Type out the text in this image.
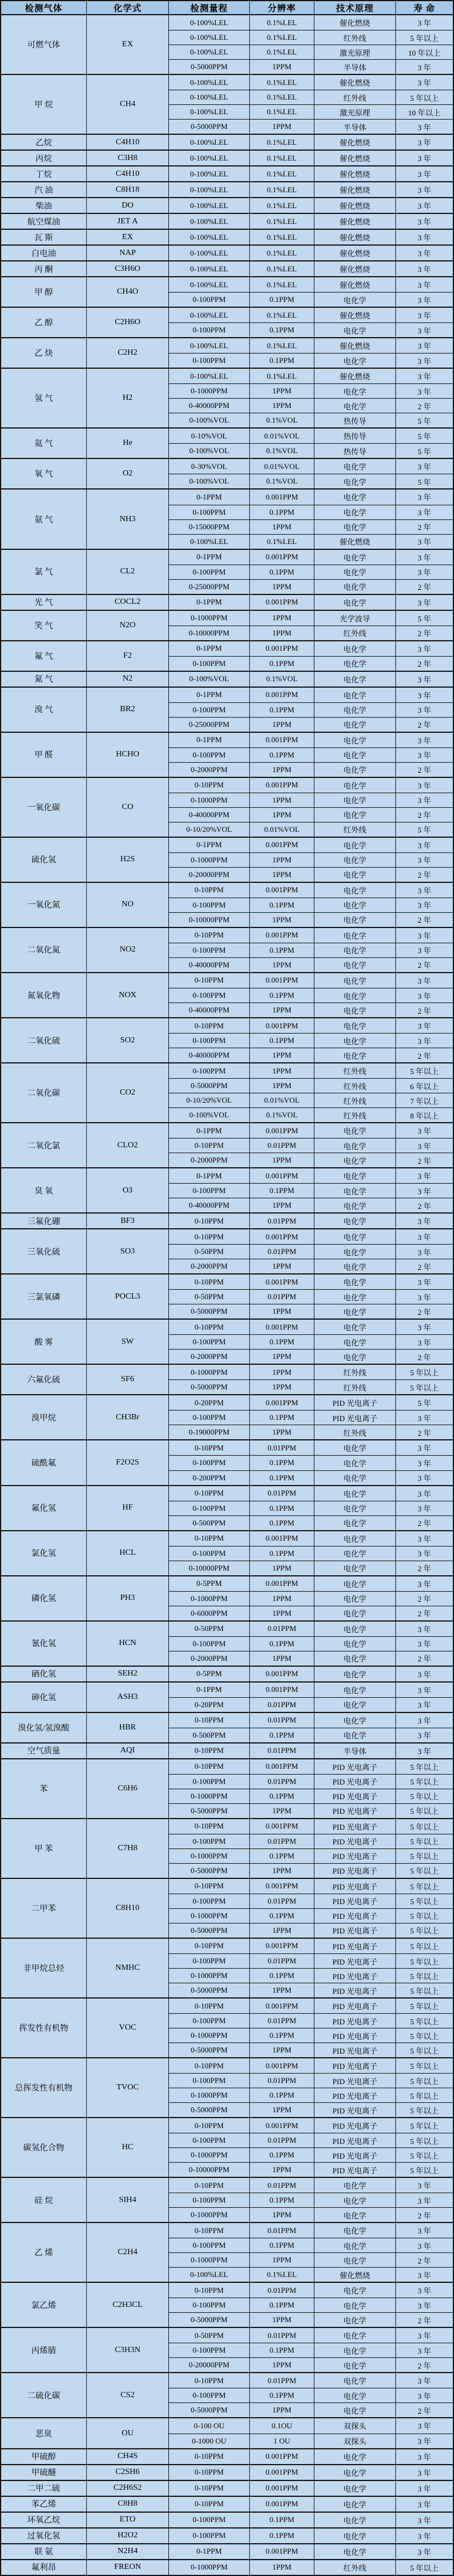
检测气体	化学式	检测量程	分辨率	技术原理	寿 命
可燃气体	EX
0-100%LEL	0.1%LEL	催化燃烧	3 年
0-100%LEL	0.1%LEL	红外线	5 年以上
0-100%LEL	0.1%LEL	激光原理	10 年以上
0-5000PPM	1PPM	半导体	3 年
甲 烷	CH4
0-100%LEL	0.1%LEL	催化燃烧	3 年
0-100%LEL	0.1%LEL	红外线	5 年以上
0-100%LEL	0.1%LEL	激光原理	10 年以上
0-5000PPM	1PPM	半导体	3 年
乙烷	C4H10	0-100%LEL	0.1%LEL	催化燃烧	3 年
丙烷	C3H8	0-100%LEL	0.1%LEL	催化燃烧	3 年
丁烷	C4H10	0-100%LEL	0.1%LEL	催化燃烧	3 年
汽 油	C8H18	0-100%LEL	0.1%LEL	催化燃烧	3 年
柴油	DO	0-100%LEL	0.1%LEL	催化燃烧	3 年
航空煤油	JET A	0-100%LEL	0.1%LEL	催化燃烧	3 年
瓦 斯	EX	0-100%LEL	0.1%LEL	催化燃烧	3 年
白电油	NAP	0-100%LEL	0.1%LEL	催化燃烧	3 年
丙 酮	C3H6O	0-100%LEL	0.1%LEL	催化燃烧	3 年
甲 醇	CH4O
0-100%LEL	0.1%LEL	催化燃烧	3 年
0-100PPM	0.1PPM	电化学	3 年
乙 醇	C2H6O
0-100%LEL	0.1%LEL	催化燃烧	3 年
0-100PPM	0.1PPM	电化学	3 年
乙 炔	C2H2
0-100%LEL	0.1%LEL	催化燃烧	3 年
0-100PPM	0.1PPM	电化学	3 年
氢 气	H2
0-100%LEL	0.1%LEL	催化燃烧	3 年
0-1000PPM	1PPM	电化学	3 年
0-40000PPM	1PPM	电化学	2 年
0-100%VOL	0.1%VOL	热传导	5 年
氦 气	He
0-10%VOL	0.01%VOL	热传导	5 年
0-100%VOL	0.1%VOL	热传导	5 年
氧 气	O2
0-30%VOL	0.01%VOL	电化学	3 年
0-100%VOL	0.1%VOL	电化学	5 年
氨 气	NH3
0-1PPM	0.001PPM	电化学	3 年
0-100PPM	0.1PPM	电化学	3 年
0-15000PPM	1PPM	电化学	2 年
0-100%LEL	0.1%LEL	催化燃烧	3 年
氯 气	CL2
0-1PPM	0.001PPM	电化学	3 年
0-100PPM	0.1PPM	电化学	3 年
0-25000PPM	1PPM	电化学	2 年
光 气	COCL2	0-1PPM	0.001PPM	电化学	3 年
笑 气	N2O
0-1000PPM	1PPM	光学波导	5 年
0-10000PPM	1PPM	红外线	2 年
氟 气	F2
0-1PPM	0.001PPM	电化学	3 年
0-100PPM	0.1PPM	电化学	2 年
氮 气	N2	0-100%VOL	0.1%VOL	电化学	3 年
溴 气	BR2
0-1PPM	0.001PPM	电化学	3 年
0-100PPM	0.1PPM	电化学	3 年
0-25000PPM	1PPM	电化学	2 年
甲 醛	HCHO
0-1PPM	0.001PPM	电化学	3 年
0-100PPM	0.1PPM	电化学	3 年
0-2000PPM	1PPM	电化学	2 年
一氧化碳	CO
0-10PPM	0.001PPM	电化学	3 年
0-1000PPM	1PPM	电化学	3 年
0-40000PPM	1PPM	电化学	2 年
0-10/20%VOL	0.01%VOL	红外线	5 年
硫化氢	H2S
0-1PPM	0.001PPM	电化学	3 年
0-1000PPM	1PPM	电化学	3 年
0-20000PPM	1PPM	电化学	2 年
一氧化氮	NO
0-10PPM	0.001PPM	电化学	3 年
0-100PPM	0.1PPM	电化学	3 年
0-10000PPM	1PPM	电化学	2 年
二氧化氮	NO2
0-10PPM	0.001PPM	电化学	3 年
0-100PPM	0.1PPM	电化学	3 年
0-40000PPM	1PPM	电化学	2 年
氮氧化物	NOX
0-10PPM	0.001PPM	电化学	3 年
0-100PPM	0.1PPM	电化学	3 年
0-40000PPM	1PPM	电化学	2 年
二氧化硫	SO2
0-10PPM	0.001PPM	电化学	3 年
0-100PPM	0.1PPM	电化学	3 年
0-40000PPM	1PPM	电化学	2 年
二氧化碳	CO2
0-100PPM	1PPM	红外线	5 年以上
0-5000PPM	1PPM	红外线	6 年以上
0-10/20%VOL	0.01%VOL	红外线	7 年以上
0-100%VOL	0.1%VOL	红外线	8 年以上
二氧化氯	CLO2
0-1PPM	0.001PPM	电化学	3 年
0-10PPM	0.01PPM	电化学	3 年
0-2000PPM	1PPM	电化学	2 年
臭 氧	O3
0-1PPM	0.001PPM	电化学	3 年
0-100PPM	0.1PPM	电化学	3 年
0-40000PPM	1PPM	电化学	2 年
三氟化硼	BF3	0-10PPM	0.01PPM	电化学	3 年
三氧化硫	SO3
0-10PPM	0.001PPM	电化学	3 年
0-50PPM	0.01PPM	电化学	3 年
0-2000PPM	1PPM	电化学	2 年
三氯氧磷	POCL3
0-10PPM	0.001PPM	电化学	3 年
0-50PPM	0.01PPM	电化学	3 年
0-5000PPM	1PPM	电化学	2 年
酸 雾	SW
0-10PPM	0.001PPM	电化学	3 年
0-100PPM	0.1PPM	电化学	3 年
0-2000PPM	1PPM	电化学	2 年
六氟化硫	SF6
0-1000PPM	1PPM	红外线	5 年以上
0-5000PPM	1PPM	红外线	5 年以上
溴甲烷	CH3Br
0-20PPM	0.001PPM	PID 光电离子	5 年
0-100PPM	0.1PPM	PID 光电离子	3 年
0-19000PPM	1PPM	红外线	2 年
硫酰氟	F2O2S
0-10PPM	0.01PPM	电化学	3 年
0-100PPM	0.1PPM	电化学	3 年
0-200PPM	0.1PPM	电化学	3 年
氟化氢	HF
0-10PPM	0.01PPM	电化学	3 年
0-100PPM	0.1PPM	电化学	3 年
0-500PPM	0.1PPM	电化学	2 年
氯化氢	HCL
0-10PPM	0.001PPM	电化学	3 年
0-100PPM	0.1PPM	电化学	3 年
0-10000PPM	1PPM	电化学	2 年
磷化氢	PH3
0-5PPM	0.001PPM	电化学	3 年
0-1000PPM	1PPM	电化学	2 年
0-6000PPM	1PPM	电化学	2 年
氰化氢	HCN
0-50PPM	0.01PPM	电化学	3 年
0-100PPM	0.1PPM	电化学	3 年
0-2000PPM	1PPM	电化学	2 年
硒化氢	SEH2	0-5PPM	0.001PPM	电化学	3 年
砷化氢	ASH3
0-1PPM	0.001PPM	电化学	3 年
0-20PPM	0.01PPM	电化学	3 年
溴化氢/氢溴酸	HBR
0-10PPM	0.01PPM	电化学	3 年
0-500PPM	0.1PPM	电化学	3 年
空气质量	AQI	0-10PPM	0.01PPM	半导体	3 年
苯	C6H6
0-10PPM	0.001PPM	PID 光电离子	5 年以上
0-100PPM	0.01PPM	PID 光电离子	5 年以上
0-1000PPM	0.1PPM	PID 光电离子	5 年以上
0-5000PPM	1PPM	PID 光电离子	5 年以上
甲 苯	C7H8
0-10PPM	0.001PPM	PID 光电离子	5 年以上
0-100PPM	0.01PPM	PID 光电离子	5 年以上
0-1000PPM	0.1PPM	PID 光电离子	5 年以上
0-5000PPM	1PPM	PID 光电离子	5 年以上
二甲苯	C8H10
0-10PPM	0.001PPM	PID 光电离子	5 年以上
0-100PPM	0.01PPM	PID 光电离子	5 年以上
0-1000PPM	0.1PPM	PID 光电离子	5 年以上
0-5000PPM	1PPM	PID 光电离子	5 年以上
非甲烷总烃	NMHC
0-10PPM	0.001PPM	PID 光电离子	5 年以上
0-100PPM	0.01PPM	PID 光电离子	5 年以上
0-1000PPM	0.1PPM	PID 光电离子	5 年以上
0-5000PPM	1PPM	PID 光电离子	5 年以上
挥发性有机物	VOC
0-10PPM	0.001PPM	PID 光电离子	5 年以上
0-100PPM	0.01PPM	PID 光电离子	5 年以上
0-1000PPM	0.1PPM	PID 光电离子	5 年以上
0-5000PPM	1PPM	PID 光电离子	5 年以上
总挥发性有机物	TVOC
0-10PPM	0.001PPM	PID 光电离子	5 年以上
0-100PPM	0.01PPM	PID 光电离子	5 年以上
0-1000PPM	0.1PPM	PID 光电离子	5 年以上
0-5000PPM	1PPM	PID 光电离子	5 年以上
碳氢化合物	HC
0-10PPM	0.001PPM	PID 光电离子	5 年以上
0-100PPM	0.01PPM	PID 光电离子	5 年以上
0-1000PPM	0.1PPM	PID 光电离子	5 年以上
0-10000PPM	1PPM	PID 光电离子	5 年以上
硅 烷	SIH4
0-10PPM	0.01PPM	电化学	3 年
0-100PPM	0.1PPM	电化学	3 年
0-1000PPM	1PPM	电化学	2 年
乙 烯	C2H4
0-10PPM	0.01PPM	电化学	3 年
0-100PPM	0.1PPM	电化学	3 年
0-1000PPM	1PPM	电化学	2 年
0-100%LEL	0.1%LEL	催化燃烧	3 年
氯乙烯	C2H3CL
0-10PPM	0.01PPM	电化学	3 年
0-100PPM	0.1PPM	电化学	3 年
0-5000PPM	1PPM	电化学	2 年
丙烯腈	C3H3N
0-50PPM	0.01PPM	电化学	3 年
0-100PPM	0.1PPM	电化学	3 年
0-20000PPM	1PPM	电化学	2 年
二硫化碳	CS2
0-10PPM	0.01PPM	电化学	3 年
0-100PPM	0.1PPM	电化学	3 年
0-5000PPM	1PPM	电化学	2 年
恶臭	OU
0-100 OU	0.1OU	双探头	3 年
0-1000 OU	1 OU	双探头	3 年
甲硫醇	CH4S	0-10PPM	0.001PPM	电化学	3 年
甲硫醚	C2SH6	0-10PPM	0.001PPM	电化学	3 年
二甲二硫	C2H6S2	0-10PPM	0.001PPM	电化学	3 年
苯乙烯	C8H8	0-10PPM	0.001PPM	电化学	3 年
环氧乙烷	ETO	0-100PPM	0.1PPM	电化学	3 年
过氧化氢	H2O2	0-100PPM	0.1PPM	电化学	3 年
联 氨	N2H4	0-1PPM	0.001PPM	电化学	3 年
氟利昂	FREON	0-1000PPM	1PPM	红外线	5 年以上
